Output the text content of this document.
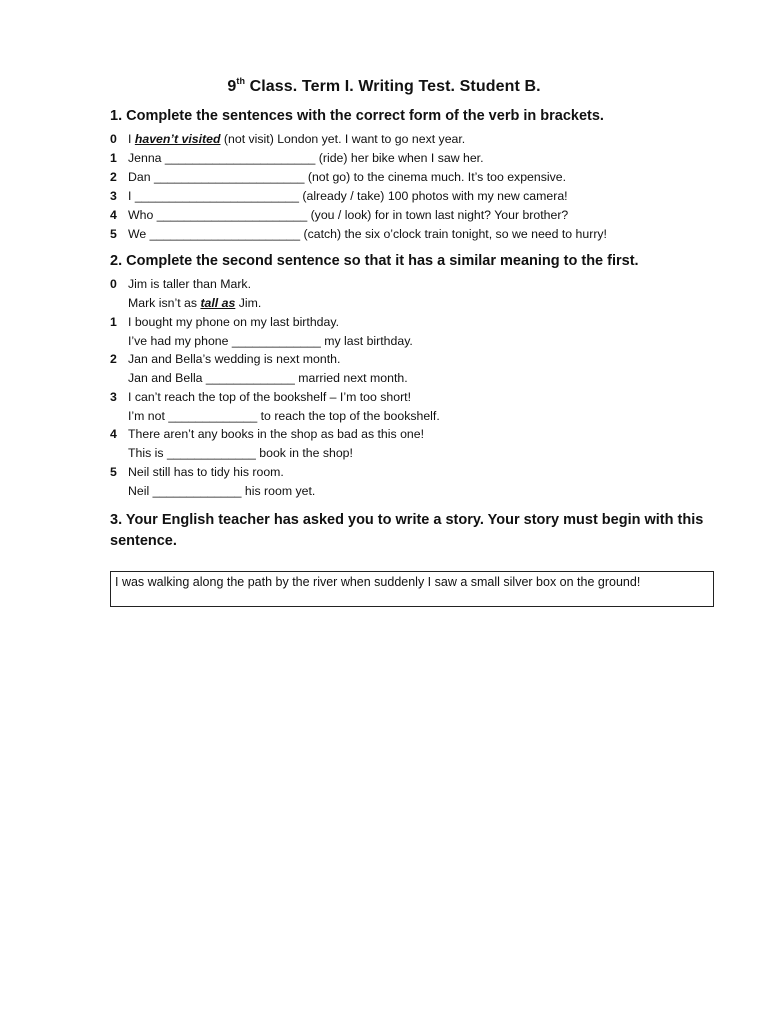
9th Class. Term I. Writing Test. Student B.
1. Complete the sentences with the correct form of the verb in brackets.
0 I haven’t visited (not visit) London yet. I want to go next year.
1 Jenna ______________________ (ride) her bike when I saw her.
2 Dan ______________________ (not go) to the cinema much. It’s too expensive.
3 I ________________________ (already / take) 100 photos with my new camera!
4 Who ______________________ (you / look) for in town last night? Your brother?
5 We ______________________ (catch) the six o’clock train tonight, so we need to hurry!
2. Complete the second sentence so that it has a similar meaning to the first.
0 Jim is taller than Mark.
Mark isn’t as tall as Jim.
1 I bought my phone on my last birthday.
I’ve had my phone _____________ my last birthday.
2 Jan and Bella’s wedding is next month.
Jan and Bella _____________ married next month.
3 I can’t reach the top of the bookshelf – I’m too short!
I’m not _____________ to reach the top of the bookshelf.
4 There aren’t any books in the shop as bad as this one!
This is _____________ book in the shop!
5 Neil still has to tidy his room.
Neil _____________ his room yet.
3. Your English teacher has asked you to write a story. Your story must begin with this sentence.
I was walking along the path by the river when suddenly I saw a small silver box on the ground!
